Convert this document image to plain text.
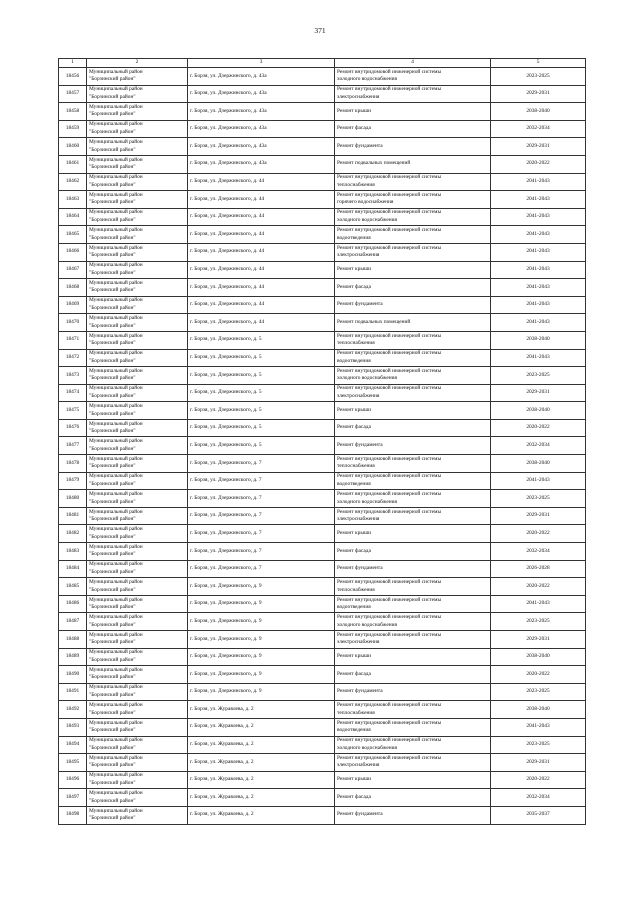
371
1	2	3	4	5

18456	Муниципальный район
"Борзинский район"	г. Борзя, ул. Дзержинского, д. 43а	Ремонт внутридомовой инженерной системы
холодного водоснабжения	2023-2025

18457	Муниципальный район
"Борзинский район"	г. Борзя, ул. Дзержинского, д. 43а	Ремонт внутридомовой инженерной системы
электроснабжения	2029-2031

18458	Муниципальный район
"Борзинский район"	г. Борзя, ул. Дзержинского, д. 43а	Ремонт крыши	2038-2040

18459	Муниципальный район
"Борзинский район"	г. Борзя, ул. Дзержинского, д. 43а	Ремонт фасада	2032-2034

18460	Муниципальный район
"Борзинский район"	г. Борзя, ул. Дзержинского, д. 43а	Ремонт фундамента	2029-2031

18461	Муниципальный район
"Борзинский район"	г. Борзя, ул. Дзержинского, д. 43а	Ремонт подвальных помещений	2020-2022

18462	Муниципальный район
"Борзинский район"	г. Борзя, ул. Дзержинского, д. 44	Ремонт внутридомовой инженерной системы
теплоснабжения	2041-2043

18463	Муниципальный район
"Борзинский район"	г. Борзя, ул. Дзержинского, д. 44	Ремонт внутридомовой инженерной системы
горячего водоснабжения	2041-2043

18464	Муниципальный район
"Борзинский район"	г. Борзя, ул. Дзержинского, д. 44	Ремонт внутридомовой инженерной системы
холодного водоснабжения	2041-2043

18465	Муниципальный район
"Борзинский район"	г. Борзя, ул. Дзержинского, д. 44	Ремонт внутридомовой инженерной системы
водоотведения	2041-2043

18466	Муниципальный район
"Борзинский район"	г. Борзя, ул. Дзержинского, д. 44	Ремонт внутридомовой инженерной системы
электроснабжения	2041-2043

18467	Муниципальный район
"Борзинский район"	г. Борзя, ул. Дзержинского, д. 44	Ремонт крыши	2041-2043

18468	Муниципальный район
"Борзинский район"	г. Борзя, ул. Дзержинского, д. 44	Ремонт фасада	2041-2043

18469	Муниципальный район
"Борзинский район"	г. Борзя, ул. Дзержинского, д. 44	Ремонт фундамента	2041-2043

18470	Муниципальный район
"Борзинский район"	г. Борзя, ул. Дзержинского, д. 44	Ремонт подвальных помещений	2041-2043

18471	Муниципальный район
"Борзинский район"	г. Борзя, ул. Дзержинского, д. 5	Ремонт внутридомовой инженерной системы
теплоснабжения	2038-2040

18472	Муниципальный район
"Борзинский район"	г. Борзя, ул. Дзержинского, д. 5	Ремонт внутридомовой инженерной системы
водоотведения	2041-2043

18473	Муниципальный район
"Борзинский район"	г. Борзя, ул. Дзержинского, д. 5	Ремонт внутридомовой инженерной системы
холодного водоснабжения	2023-2025

18474	Муниципальный район
"Борзинский район"	г. Борзя, ул. Дзержинского, д. 5	Ремонт внутридомовой инженерной системы
электроснабжения	2029-2031

18475	Муниципальный район
"Борзинский район"	г. Борзя, ул. Дзержинского, д. 5	Ремонт крыши	2038-2040

18476	Муниципальный район
"Борзинский район"	г. Борзя, ул. Дзержинского, д. 5	Ремонт фасада	2020-2022

18477	Муниципальный район
"Борзинский район"	г. Борзя, ул. Дзержинского, д. 5	Ремонт фундамента	2032-2034

18478	Муниципальный район
"Борзинский район"	г. Борзя, ул. Дзержинского, д. 7	Ремонт внутридомовой инженерной системы
теплоснабжения	2038-2040

18479	Муниципальный район
"Борзинский район"	г. Борзя, ул. Дзержинского, д. 7	Ремонт внутридомовой инженерной системы
водоотведения	2041-2043

18480	Муниципальный район
"Борзинский район"	г. Борзя, ул. Дзержинского, д. 7	Ремонт внутридомовой инженерной системы
холодного водоснабжения	2023-2025

18481	Муниципальный район
"Борзинский район"	г. Борзя, ул. Дзержинского, д. 7	Ремонт внутридомовой инженерной системы
электроснабжения	2029-2031

18482	Муниципальный район
"Борзинский район"	г. Борзя, ул. Дзержинского, д. 7	Ремонт крыши	2020-2022

18483	Муниципальный район
"Борзинский район"	г. Борзя, ул. Дзержинского, д. 7	Ремонт фасада	2032-2034

18484	Муниципальный район
"Борзинский район"	г. Борзя, ул. Дзержинского, д. 7	Ремонт фундамента	2026-2028

18485	Муниципальный район
"Борзинский район"	г. Борзя, ул. Дзержинского, д. 9	Ремонт внутридомовой инженерной системы
теплоснабжения	2020-2022

18486	Муниципальный район
"Борзинский район"	г. Борзя, ул. Дзержинского, д. 9	Ремонт внутридомовой инженерной системы
водоотведения	2041-2043

18487	Муниципальный район
"Борзинский район"	г. Борзя, ул. Дзержинского, д. 9	Ремонт внутридомовой инженерной системы
холодного водоснабжения	2023-2025

18488	Муниципальный район
"Борзинский район"	г. Борзя, ул. Дзержинского, д. 9	Ремонт внутридомовой инженерной системы
электроснабжения	2029-2031

18489	Муниципальный район
"Борзинский район"	г. Борзя, ул. Дзержинского, д. 9	Ремонт крыши	2038-2040

18490	Муниципальный район
"Борзинский район"	г. Борзя, ул. Дзержинского, д. 9	Ремонт фасада	2020-2022

18491	Муниципальный район
"Борзинский район"	г. Борзя, ул. Дзержинского, д. 9	Ремонт фундамента	2023-2025

18492	Муниципальный район
"Борзинский район"	г. Борзя, ул. Журавлева, д. 2	Ремонт внутридомовой инженерной системы
теплоснабжения	2038-2040

18493	Муниципальный район
"Борзинский район"	г. Борзя, ул. Журавлева, д. 2	Ремонт внутридомовой инженерной системы
водоотведения	2041-2043

18494	Муниципальный район
"Борзинский район"	г. Борзя, ул. Журавлева, д. 2	Ремонт внутридомовой инженерной системы
холодного водоснабжения	2023-2025

18495	Муниципальный район
"Борзинский район"	г. Борзя, ул. Журавлева, д. 2	Ремонт внутридомовой инженерной системы
электроснабжения	2029-2031

18496	Муниципальный район
"Борзинский район"	г. Борзя, ул. Журавлева, д. 2	Ремонт крыши	2020-2022

18497	Муниципальный район
"Борзинский район"	г. Борзя, ул. Журавлева, д. 2	Ремонт фасада	2032-2034

18498	Муниципальный район
"Борзинский район"	г. Борзя, ул. Журавлева, д. 2	Ремонт фундамента	2035-2037
